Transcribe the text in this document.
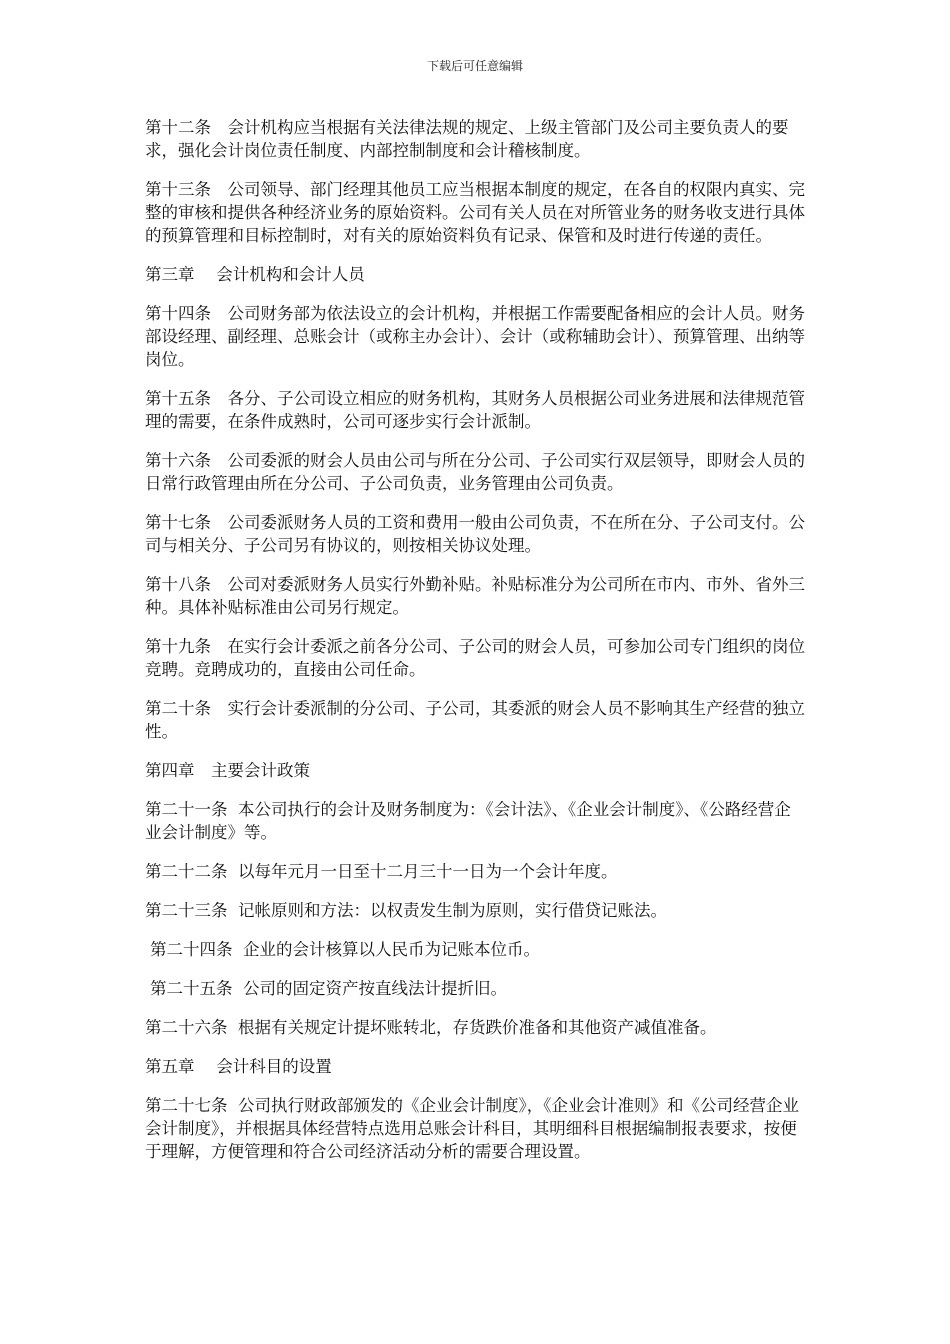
下载后可任意编辑

第十二条　会计机构应当根据有关法律法规的规定、上级主管部门及公司主要负责人的要求，强化会计岗位责任制度、内部控制制度和会计稽核制度。

第十三条　公司领导、部门经理其他员工应当根据本制度的规定，在各自的权限内真实、完整的审核和提供各种经济业务的原始资料。公司有关人员在对所管业务的财务收支进行具体的预算管理和目标控制时，对有关的原始资料负有记录、保管和及时进行传递的责任。

第三章　 会计机构和会计人员

第十四条　公司财务部为依法设立的会计机构，并根据工作需要配备相应的会计人员。财务部设经理、副经理、总账会计（或称主办会计）、会计（或称辅助会计）、预算管理、出纳等岗位。

第十五条　各分、子公司设立相应的财务机构，其财务人员根据公司业务进展和法律规范管理的需要，在条件成熟时，公司可逐步实行会计派制。

第十六条　公司委派的财会人员由公司与所在分公司、子公司实行双层领导，即财会人员的日常行政管理由所在分公司、子公司负责，业务管理由公司负责。

第十七条　公司委派财务人员的工资和费用一般由公司负责，不在所在分、子公司支付。公司与相关分、子公司另有协议的，则按相关协议处理。

第十八条　公司对委派财务人员实行外勤补贴。补贴标准分为公司所在市内、市外、省外三种。具体补贴标准由公司另行规定。

第十九条　在实行会计委派之前各分公司、子公司的财会人员，可参加公司专门组织的岗位竞聘。竞聘成功的，直接由公司任命。

第二十条　实行会计委派制的分公司、子公司，其委派的财会人员不影响其生产经营的独立性。

第四章　主要会计政策

第二十一条  本公司执行的会计及财务制度为：《会计法》、《企业会计制度》、《公路经营企业会计制度》等。

第二十二条  以每年元月一日至十二月三十一日为一个会计年度。

第二十三条  记帐原则和方法：以权责发生制为原则，实行借贷记账法。

第二十四条  企业的会计核算以人民币为记账本位币。

第二十五条  公司的固定资产按直线法计提折旧。

第二十六条  根据有关规定计提坏账转北，存货跌价准备和其他资产减值准备。

第五章　 会计科目的设置

第二十七条  公司执行财政部颁发的《企业会计制度》，《企业会计准则》和《公司经营企业会计制度》，并根据具体经营特点选用总账会计科目，其明细科目根据编制报表要求，按便于理解，方便管理和符合公司经济活动分析的需要合理设置。
